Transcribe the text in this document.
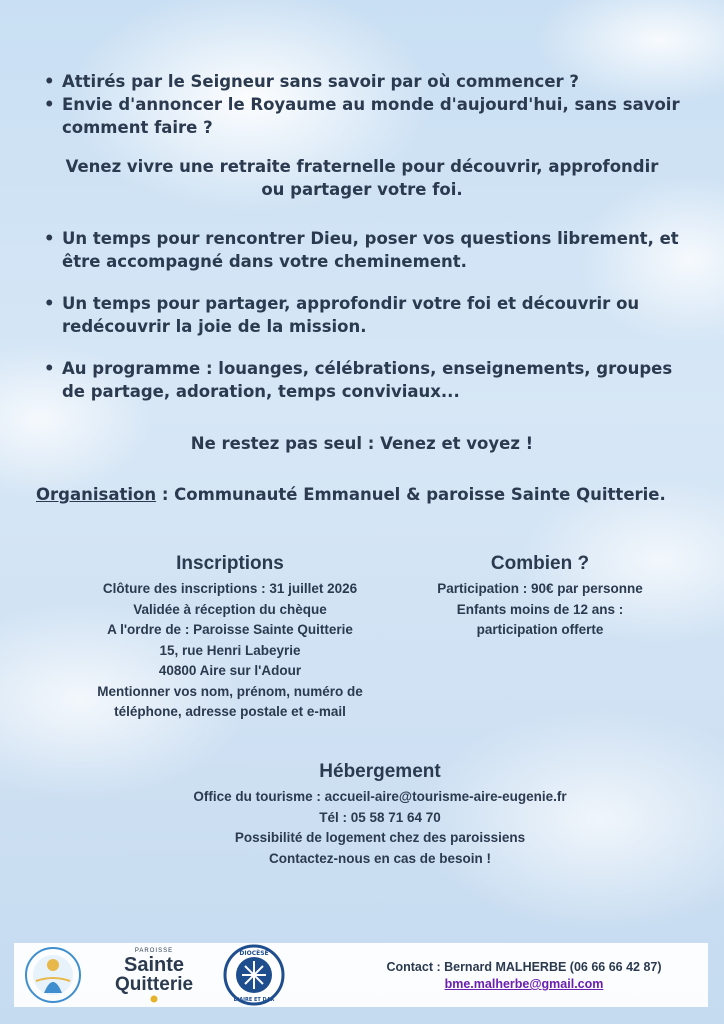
• Attirés par le Seigneur sans savoir par où commencer ?
• Envie d'annoncer le Royaume au monde d'aujourd'hui, sans savoir comment faire ?
Venez vivre une retraite fraternelle pour découvrir, approfondir ou partager votre foi.
• Un temps pour rencontrer Dieu, poser vos questions librement, et être accompagné dans votre cheminement.
• Un temps pour partager, approfondir votre foi et découvrir ou redécouvrir la joie de la mission.
• Au programme : louanges, célébrations, enseignements, groupes de partage, adoration, temps conviviaux...
Ne restez pas seul : Venez et voyez !
Organisation : Communauté Emmanuel & paroisse Sainte Quitterie.
Inscriptions
Clôture des inscriptions : 31 juillet 2026
Validée à réception du chèque
A l'ordre de : Paroisse Sainte Quitterie
15, rue Henri Labeyrie
40800 Aire sur l'Adour
Mentionner vos nom, prénom, numéro de
téléphone, adresse postale et e-mail
Combien ?
Participation : 90€ par personne
Enfants moins de 12 ans :
participation offerte
Hébergement
Office du tourisme : accueil-aire@tourisme-aire-eugenie.fr
Tél : 05 58 71 64 70
Possibilité de logement chez des paroissiens
Contactez-nous en cas de besoin !
PAROISSE
Sainte
Quitterie
DIOCÈSE
D'AIRE ET DAX
Contact : Bernard MALHERBE (06 66 66 42 87)
bme.malherbe@gmail.com
